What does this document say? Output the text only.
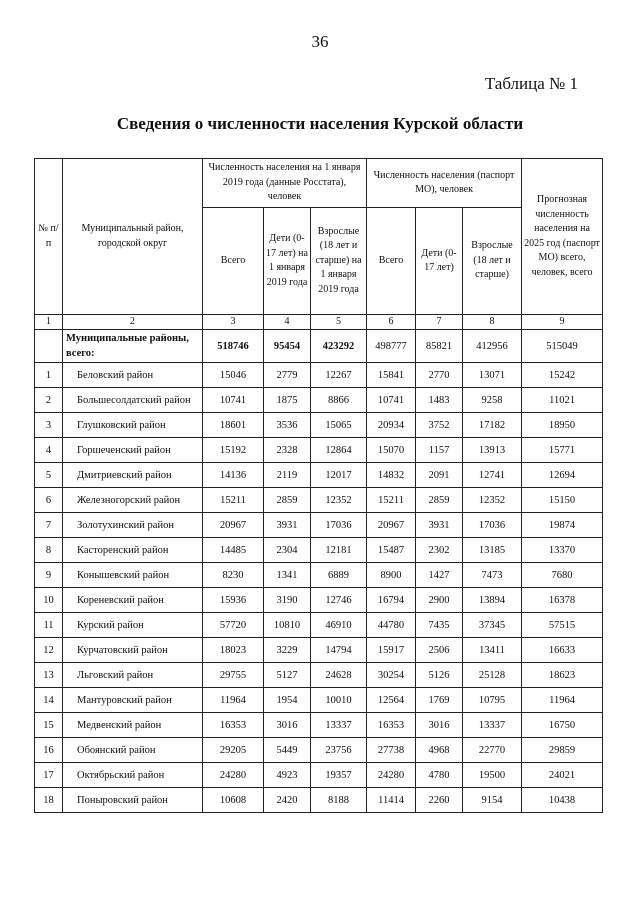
36
Таблица № 1
Сведения о численности населения Курской области
№ п/п	Муниципальный район, городской округ	Численность населения на 1 января 2019 года (данные Росстата), человек			Численность населения (паспорт МО), человек			Прогнозная численность населения на 2025 год (паспорт МО) всего, человек, всего
		Всего	Дети (0-17 лет) на 1 января 2019 года	Взрослые (18 лет и старше) на 1 января 2019 года	Всего	Дети (0-17 лет)	Взрослые (18 лет и старше)	
1	2	3	4	5	6	7	8	9
	Муниципальные районы, всего:	518746	95454	423292	498777	85821	412956	515049
1	Беловский район	15046	2779	12267	15841	2770	13071	15242
2	Большесолдатский район	10741	1875	8866	10741	1483	9258	11021
3	Глушковский район	18601	3536	15065	20934	3752	17182	18950
4	Горшеченский район	15192	2328	12864	15070	1157	13913	15771
5	Дмитриевский район	14136	2119	12017	14832	2091	12741	12694
6	Железногорский район	15211	2859	12352	15211	2859	12352	15150
7	Золотухинский район	20967	3931	17036	20967	3931	17036	19874
8	Касторенский район	14485	2304	12181	15487	2302	13185	13370
9	Конышевский район	8230	1341	6889	8900	1427	7473	7680
10	Кореневский район	15936	3190	12746	16794	2900	13894	16378
11	Курский район	57720	10810	46910	44780	7435	37345	57515
12	Курчатовский район	18023	3229	14794	15917	2506	13411	16633
13	Льговский район	29755	5127	24628	30254	5126	25128	18623
14	Мантуровский район	11964	1954	10010	12564	1769	10795	11964
15	Медвенский район	16353	3016	13337	16353	3016	13337	16750
16	Обоянский район	29205	5449	23756	27738	4968	22770	29859
17	Октябрьский район	24280	4923	19357	24280	4780	19500	24021
18	Поныровский район	10608	2420	8188	11414	2260	9154	10438
